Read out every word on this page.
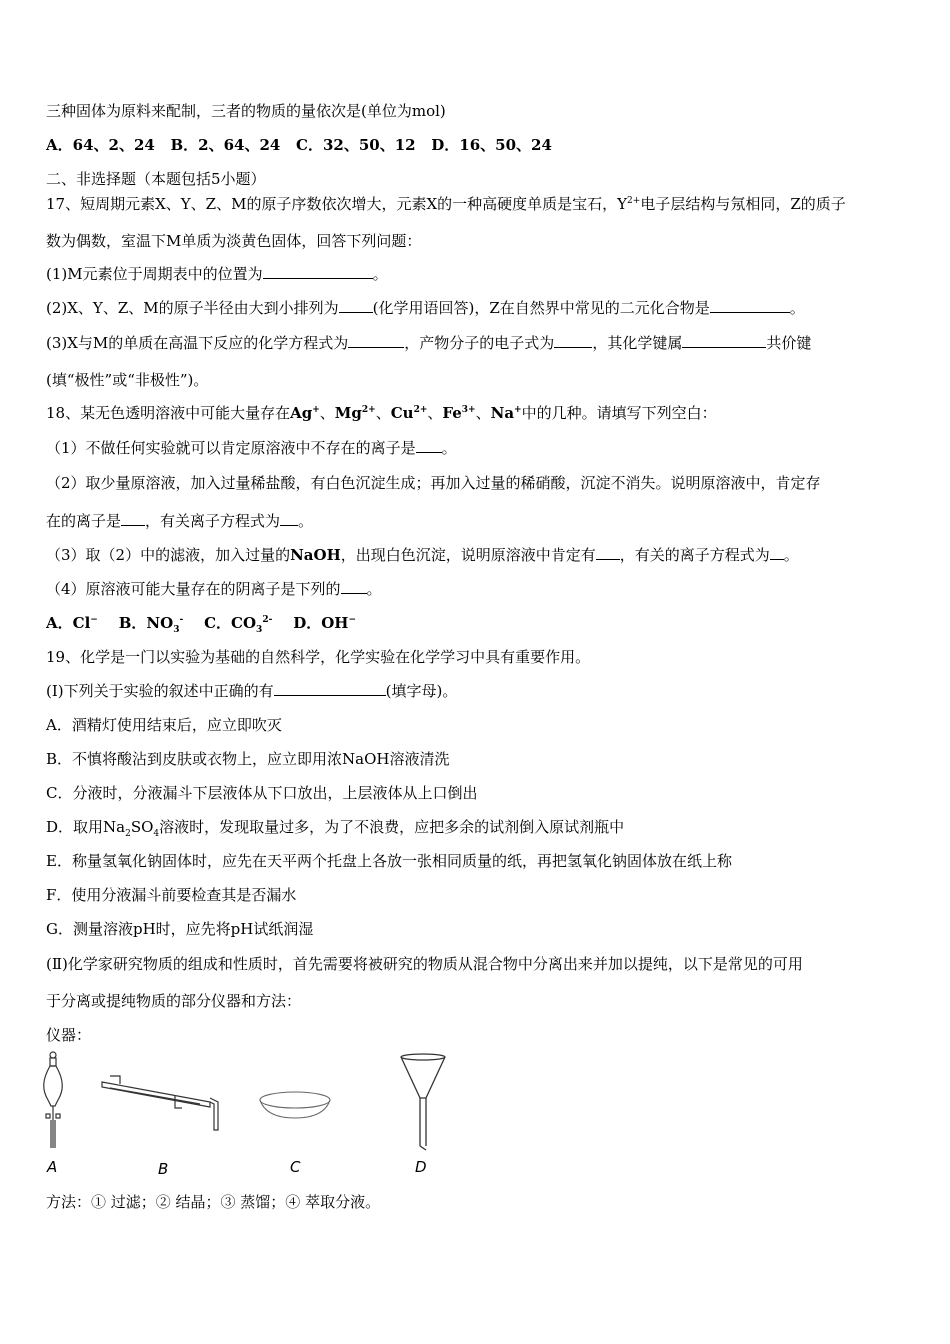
三种固体为原料来配制，三者的物质的量依次是(单位为mol)
A．64、2、24 B．2、64、24 C．32、50、12 D．16、50、24
二、非选择题（本题包括5小题）
17、短周期元素X、Y、Z、M的原子序数依次增大，元素X的一种高硬度单质是宝石，$Y^{2+}$电子层结构与氖相同，Z的质子
数为偶数，室温下M单质为淡黄色固体，回答下列问题：
(1)M元素位于周期表中的位置为	。
(2)X、Y、Z、M的原子半径由大到小排列为 (化学用语回答)，Z在自然界中常见的二元化合物是	。
(3)X与M的单质在高温下反应的化学方程式为	，产物分子的电子式为	，其化学键属	共价键
(填“极性”或“非极性”)。
18、某无色透明溶液中可能大量存在Ag+、$Mg^{2+}$、$Cu^{2+}$、$Fe^{3+}$、Na+中的几种。请填写下列空白：
（1）不做任何实验就可以肯定原溶液中不存在的离子是 。
（2）取少量原溶液，加入过量稀盐酸，有白色沉淀生成；再加入过量的稀硝酸，沉淀不消失。说明原溶液中，肯定存
在的离子是 ，有关离子方程式为 。
（3）取（2）中的滤液，加入过量的NaOH，出现白色沉淀，说明原溶液中肯定有 ，有关的离子方程式为 。
（4）原溶液可能大量存在的阴离子是下列的 。
A．Cl− B．$NO_3^-$ C．$CO_3^{2-}$ D．OH−
19、化学是一门以实验为基础的自然科学，化学实验在化学学习中具有重要作用。
(Ⅰ)下列关于实验的叙述中正确的有	(填字母)。
A．酒精灯使用结束后，应立即吹灭
B．不慎将酸沾到皮肤或衣物上，应立即用浓NaOH溶液清洗
C．分液时，分液漏斗下层液体从下口放出，上层液体从上口倒出
D．取用$Na_2SO_4$溶液时，发现取量过多，为了不浪费，应把多余的试剂倒入原试剂瓶中
E．称量氢氧化钠固体时，应先在天平两个托盘上各放一张相同质量的纸，再把氢氧化钠固体放在纸上称
F．使用分液漏斗前要检查其是否漏水
G．测量溶液pH时，应先将pH试纸润湿
(Ⅱ)化学家研究物质的组成和性质时，首先需要将被研究的物质从混合物中分离出来并加以提纯，以下是常见的可用
于分离或提纯物质的部分仪器和方法：
仪器：
A	B	C	D
方法：① 过滤；② 结晶；③ 蒸馏；④ 萃取分液。
